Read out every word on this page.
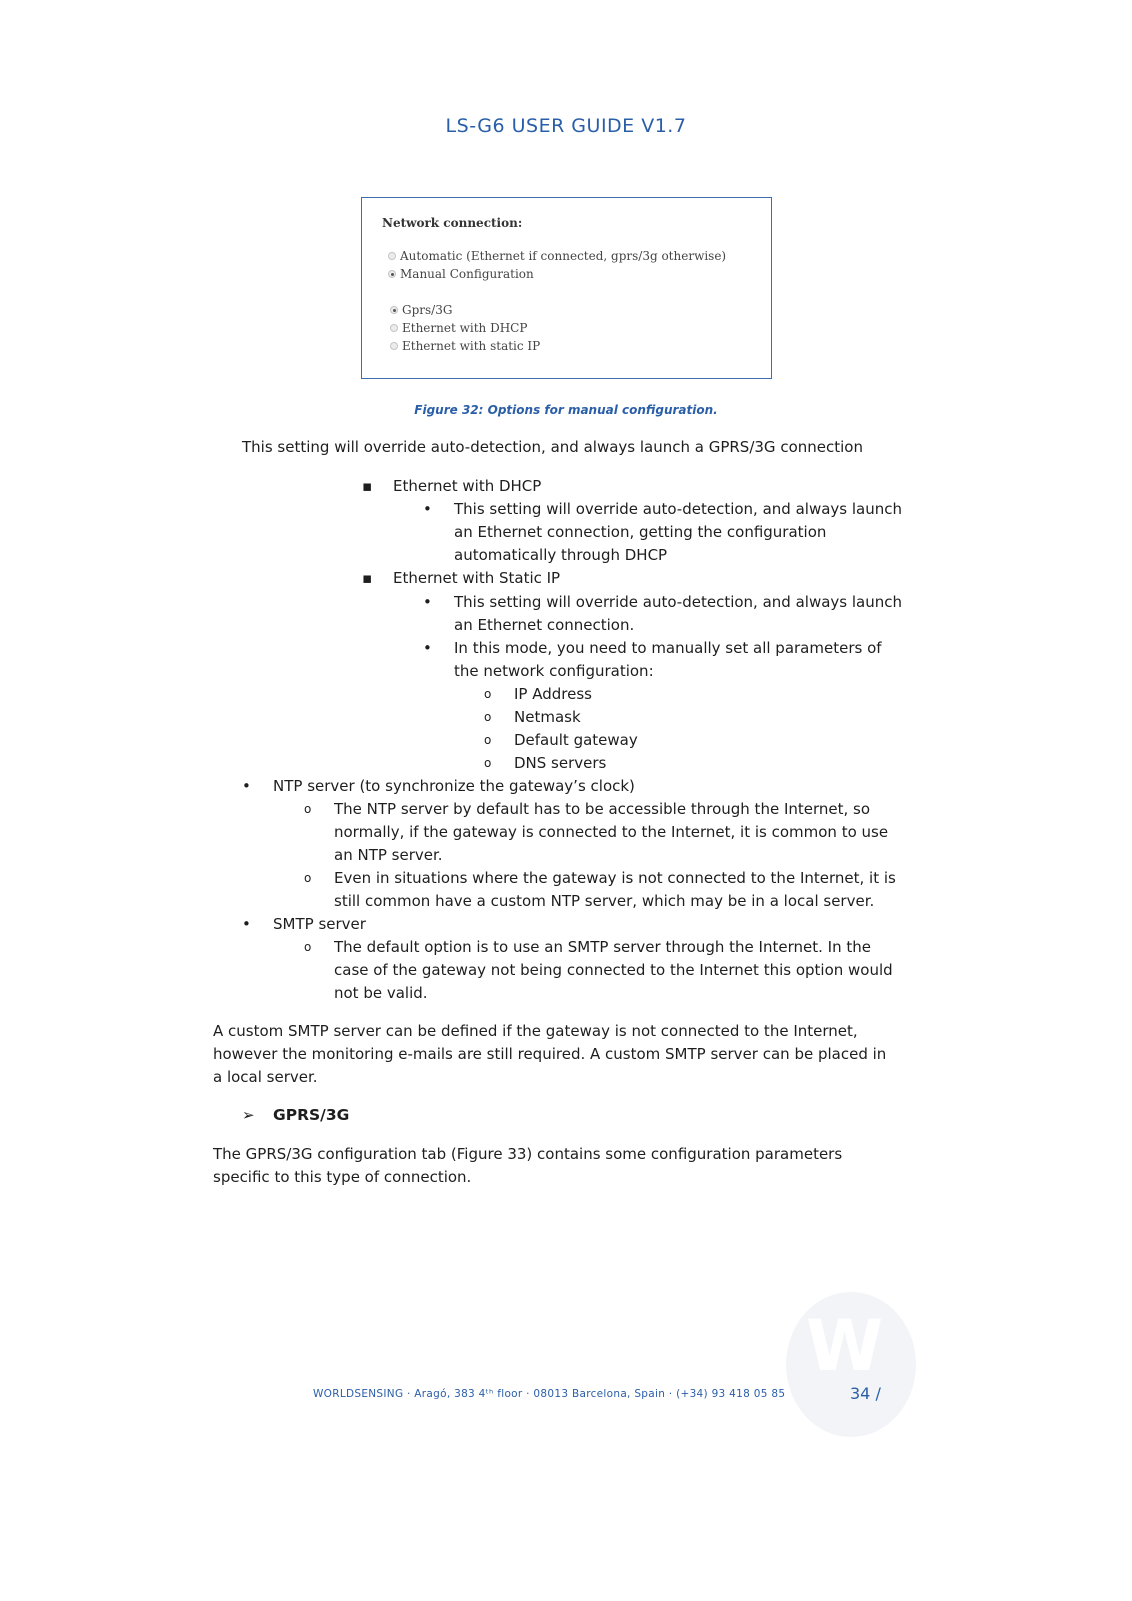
LS-G6 USER GUIDE V1.7
Network connection:
Automatic (Ethernet if connected, gprs/3g otherwise)
Manual Configuration
Gprs/3G
Ethernet with DHCP
Ethernet with static IP
Figure 32: Options for manual configuration.
This setting will override auto-detection, and always launch a GPRS/3G connection
▪ Ethernet with DHCP
• This setting will override auto-detection, and always launch
an Ethernet connection, getting the configuration
automatically through DHCP
▪ Ethernet with Static IP
• This setting will override auto-detection, and always launch
an Ethernet connection.
• In this mode, you need to manually set all parameters of
the network configuration:
o IP Address
o Netmask
o Default gateway
o DNS servers
• NTP server (to synchronize the gateway’s clock)
o The NTP server by default has to be accessible through the Internet, so
normally, if the gateway is connected to the Internet, it is common to use
an NTP server.
o Even in situations where the gateway is not connected to the Internet, it is
still common have a custom NTP server, which may be in a local server.
• SMTP server
o The default option is to use an SMTP server through the Internet. In the
case of the gateway not being connected to the Internet this option would
not be valid.
A custom SMTP server can be defined if the gateway is not connected to the Internet,
however the monitoring e-mails are still required. A custom SMTP server can be placed in
a local server.
➢ GPRS/3G
The GPRS/3G configuration tab (Figure 33) contains some configuration parameters
specific to this type of connection.
W
WORLDSENSING · Aragó, 383 4ᵗʰ floor · 08013 Barcelona, Spain · (+34) 93 418 05 85	34 /
